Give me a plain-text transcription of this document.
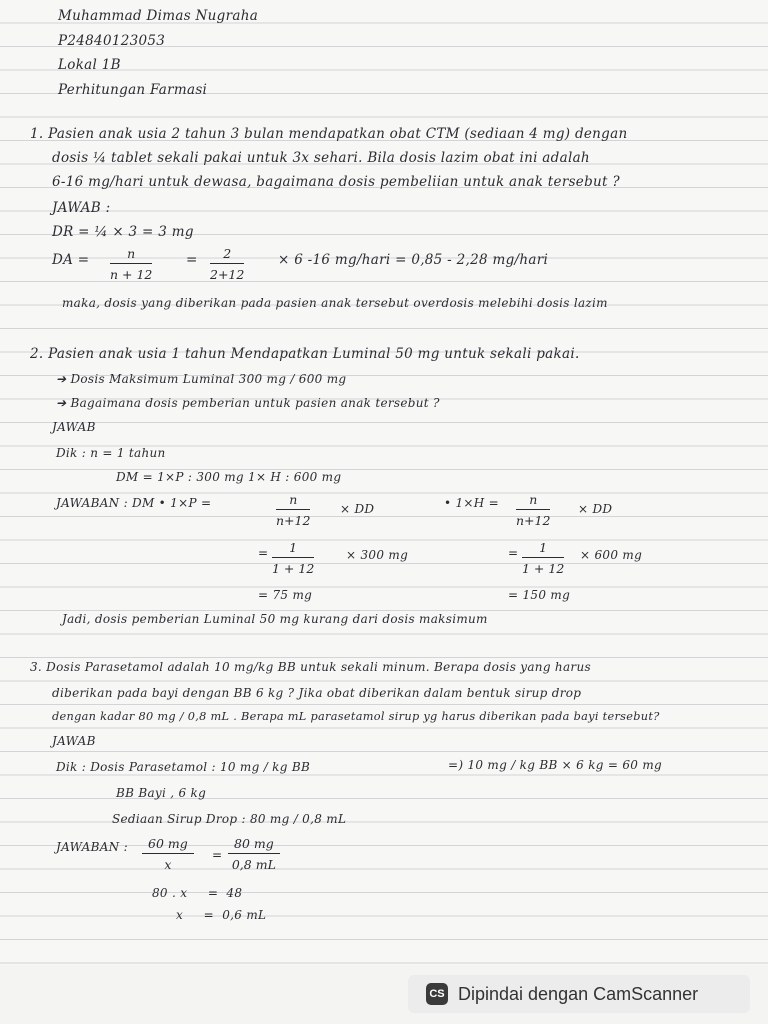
Muhammad Dimas Nugraha
P24840123053
Lokal 1B
Perhitungan Farmasi
1. Pasien anak usia 2 tahun 3 bulan mendapatkan obat CTM (sediaan 4 mg) dengan
dosis ¼ tablet sekali pakai untuk 3x sehari. Bila dosis lazim obat ini adalah
6-16 mg/hari untuk dewasa, bagaimana dosis pembeliian untuk anak tersebut ?
JAWAB :
DR = ¼ × 3 = 3 mg
DA = $\frac{n}{n + 12} = \frac{2}{2+12} \times 6$ -16 mg/hari = 0,85 - 2,28 mg/hari
maka, dosis yang diberikan pada pasien anak tersebut overdosis melebihi dosis lazim
2. Pasien anak usia 1 tahun Mendapatkan Luminal 50 mg untuk sekali pakai.
➔ Dosis Maksimum Luminal 300 mg / 600 mg
➔ Bagaimana dosis pemberian untuk pasien anak tersebut ?
JAWAB
Dik : n = 1 tahun
DM = 1×P : 300 mg 1× H : 600 mg
JAWABAN : DM • 1×P =	$\frac{n}{n+12}$ × DD	• $1\times H = \frac{n}{n+12}$ × DD
= $\frac{1}{1 + 12}$	× 300 mg	= $\frac{1}{1 + 12} \times 600$ mg
= 75 mg	= 150 mg
Jadi, dosis pemberian Luminal 50 mg kurang dari dosis maksimum
3. Dosis Parasetamol adalah 10 mg/kg BB untuk sekali minum. Berapa dosis yang harus
diberikan pada bayi dengan BB 6 kg ? Jika obat diberikan dalam bentuk sirup drop
dengan kadar 80 mg / 0,8 mL . Berapa mL parasetamol sirup yg harus diberikan pada bayi tersebut?
JAWAB
Dik : Dosis Parasetamol : 10 mg / kg BB	=) 10 mg / kg BB × 6 kg = 60 mg
BB Bayi , 6 kg
Sediaan Sirup Drop : 80 mg / 0,8 mL
JAWABAN : $\frac{60 mg}{x} = \frac{80 mg}{0,8 mL}$
80 . x     =  48
x     =  0,6 mL
CS Dipindai dengan CamScanner
